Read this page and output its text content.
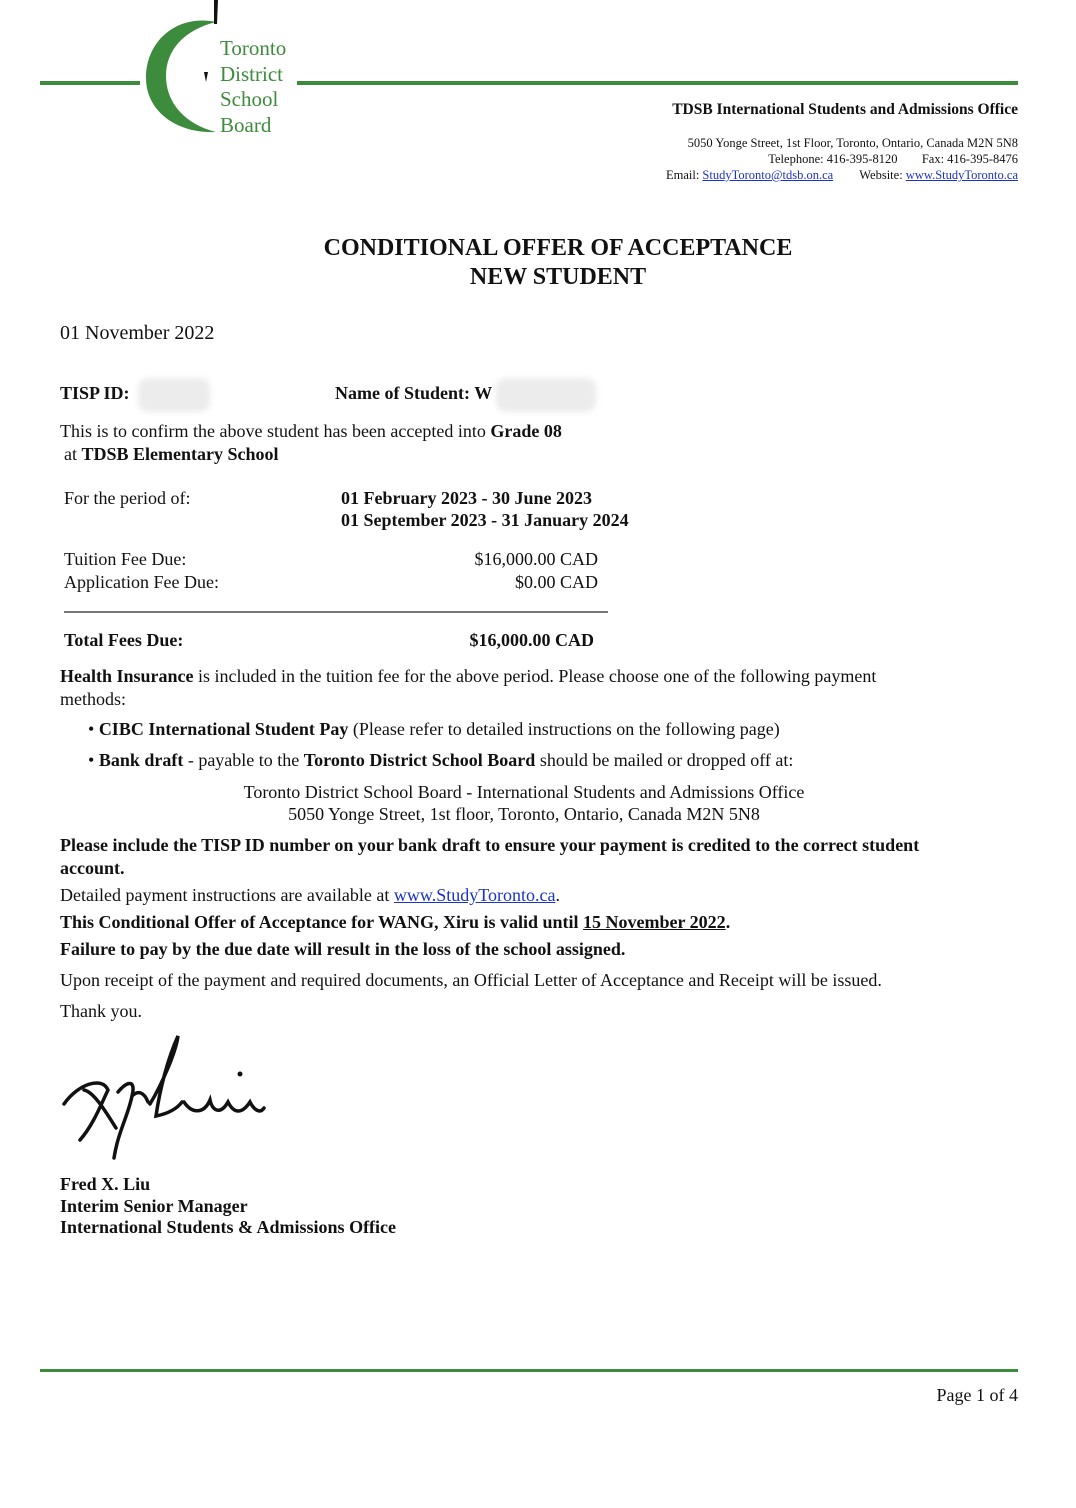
Toronto
District
School
Board
TDSB International Students and Admissions Office
5050 Yonge Street, 1st Floor, Toronto, Ontario, Canada M2N 5N8
Telephone: 416-395-8120 Fax: 416-395-8476
Email: StudyToronto@tdsb.on.ca Website: www.StudyToronto.ca
CONDITIONAL OFFER OF ACCEPTANCE
NEW STUDENT
01 November 2022
TISP ID:	Name of Student: W
This is to confirm the above student has been accepted into Grade 08
at TDSB Elementary School
For the period of:	01 February 2023 - 30 June 2023
01 September 2023 - 31 January 2024
Tuition Fee Due:	$16,000.00 CAD
Application Fee Due:	$0.00 CAD
Total Fees Due:	$16,000.00 CAD
Health Insurance is included in the tuition fee for the above period. Please choose one of the following payment
methods:
• CIBC International Student Pay (Please refer to detailed instructions on the following page)
• Bank draft - payable to the Toronto District School Board should be mailed or dropped off at:
Toronto District School Board - International Students and Admissions Office
5050 Yonge Street, 1st floor, Toronto, Ontario, Canada M2N 5N8
Please include the TISP ID number on your bank draft to ensure your payment is credited to the correct student
account.
Detailed payment instructions are available at www.StudyToronto.ca.
This Conditional Offer of Acceptance for WANG, Xiru is valid until 15 November 2022.
Failure to pay by the due date will result in the loss of the school assigned.
Upon receipt of the payment and required documents, an Official Letter of Acceptance and Receipt will be issued.
Thank you.
Fred X. Liu
Interim Senior Manager
International Students & Admissions Office
Page 1 of 4
